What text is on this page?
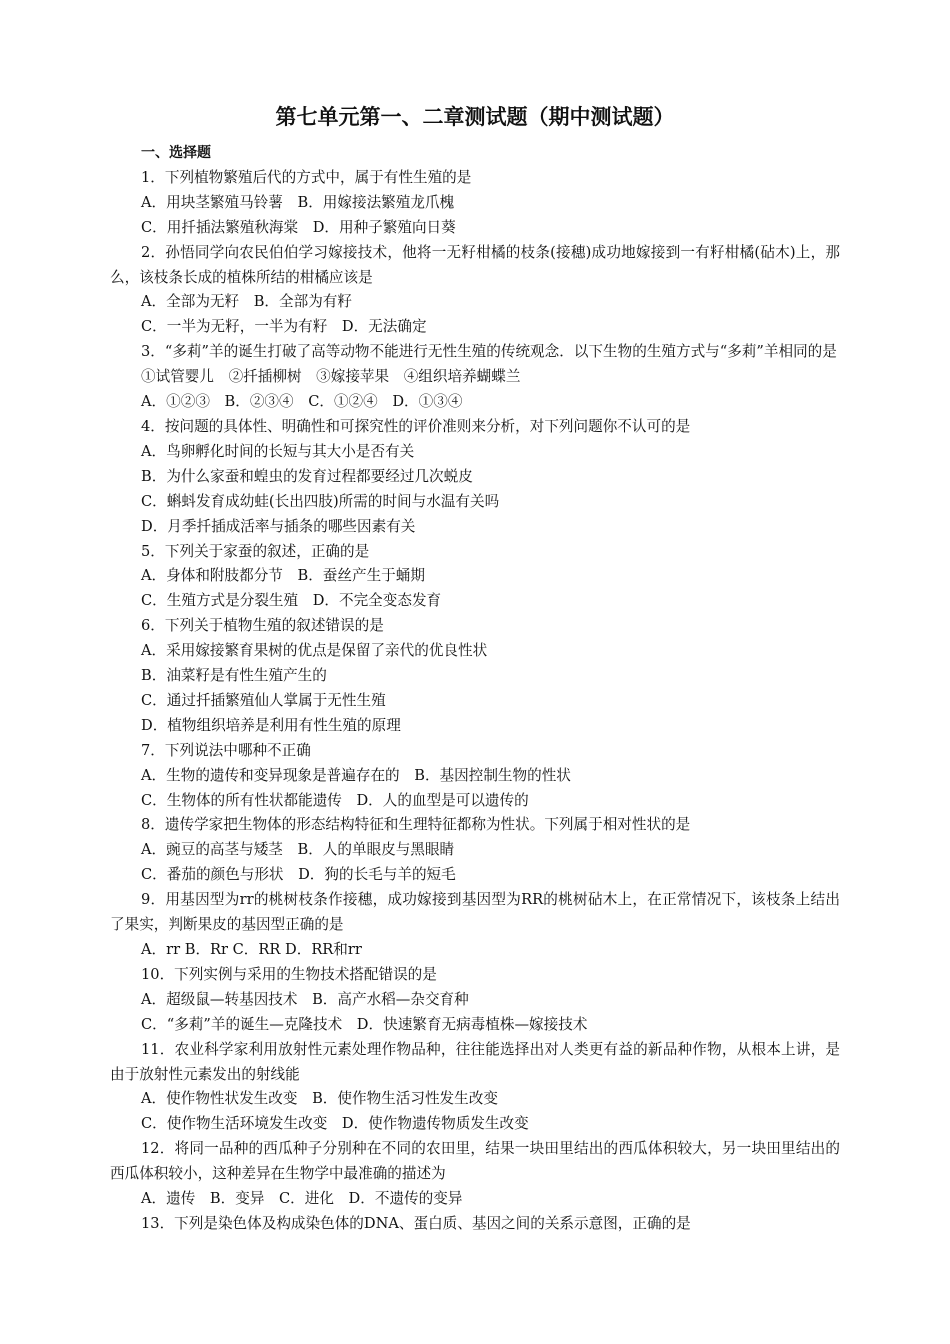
第七单元第一、二章测试题（期中测试题）

一、选择题

1．下列植物繁殖后代的方式中，属于有性生殖的是

A．用块茎繁殖马铃薯　B．用嫁接法繁殖龙爪槐

C．用扦插法繁殖秋海棠　D．用种子繁殖向日葵

2．孙悟同学向农民伯伯学习嫁接技术，他将一无籽柑橘的枝条(接穗)成功地嫁接到一有籽柑橘(砧木)上，那么，该枝条长成的植株所结的柑橘应该是

A．全部为无籽　B．全部为有籽

C．一半为无籽，一半为有籽　D．无法确定

3．“多莉”羊的诞生打破了高等动物不能进行无性生殖的传统观念．以下生物的生殖方式与“多莉”羊相同的是

①试管婴儿　②扦插柳树　③嫁接苹果　④组织培养蝴蝶兰

A．①②③　B．②③④　C．①②④　D．①③④

4．按问题的具体性、明确性和可探究性的评价准则来分析，对下列问题你不认可的是

A．鸟卵孵化时间的长短与其大小是否有关

B．为什么家蚕和蝗虫的发育过程都要经过几次蜕皮

C．蝌蚪发育成幼蛙(长出四肢)所需的时间与水温有关吗

D．月季扦插成活率与插条的哪些因素有关

5．下列关于家蚕的叙述，正确的是

A．身体和附肢都分节　B．蚕丝产生于蛹期

C．生殖方式是分裂生殖　D．不完全变态发育

6．下列关于植物生殖的叙述错误的是

A．采用嫁接繁育果树的优点是保留了亲代的优良性状

B．油菜籽是有性生殖产生的

C．通过扦插繁殖仙人掌属于无性生殖

D．植物组织培养是利用有性生殖的原理

7．下列说法中哪种不正确

A．生物的遗传和变异现象是普遍存在的　B．基因控制生物的性状

C．生物体的所有性状都能遗传　D．人的血型是可以遗传的

8．遗传学家把生物体的形态结构特征和生理特征都称为性状。下列属于相对性状的是

A．豌豆的高茎与矮茎　B．人的单眼皮与黑眼睛

C．番茄的颜色与形状　D．狗的长毛与羊的短毛

9．用基因型为rr的桃树枝条作接穗，成功嫁接到基因型为RR的桃树砧木上，在正常情况下，该枝条上结出了果实，判断果皮的基因型正确的是

A．rr B．Rr C．RR D．RR和rr

10．下列实例与采用的生物技术搭配错误的是

A．超级鼠—转基因技术　B．高产水稻—杂交育种

C．“多莉”羊的诞生—克隆技术　D．快速繁育无病毒植株—嫁接技术

11．农业科学家利用放射性元素处理作物品种，往往能选择出对人类更有益的新品种作物，从根本上讲，是由于放射性元素发出的射线能

A．使作物性状发生改变　B．使作物生活习性发生改变

C．使作物生活环境发生改变　D．使作物遗传物质发生改变

12．将同一品种的西瓜种子分别种在不同的农田里，结果一块田里结出的西瓜体积较大，另一块田里结出的西瓜体积较小，这种差异在生物学中最准确的描述为

A．遗传　B．变异　C．进化　D．不遗传的变异

13．下列是染色体及构成染色体的DNA、蛋白质、基因之间的关系示意图，正确的是
